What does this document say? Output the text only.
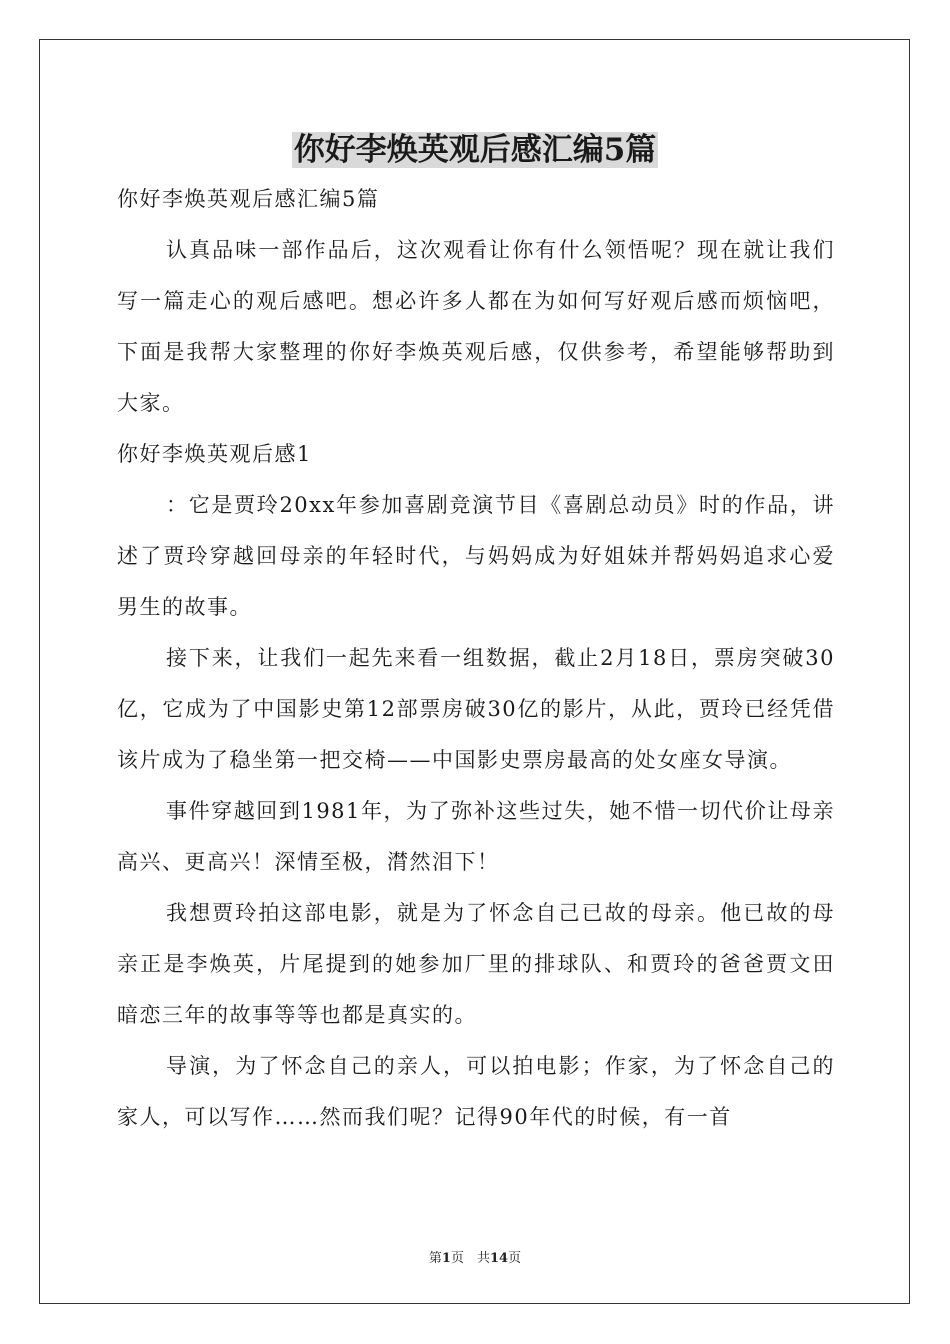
你好李焕英观后感汇编5篇

你好李焕英观后感汇编5篇

认真品味一部作品后，这次观看让你有什么领悟呢？现在就让我们写一篇走心的观后感吧。想必许多人都在为如何写好观后感而烦恼吧，下面是我帮大家整理的你好李焕英观后感，仅供参考，希望能够帮助到大家。

你好李焕英观后感1

：它是贾玲20xx年参加喜剧竞演节目《喜剧总动员》时的作品，讲述了贾玲穿越回母亲的年轻时代，与妈妈成为好姐妹并帮妈妈追求心爱男生的故事。

接下来，让我们一起先来看一组数据，截止2月18日，票房突破30亿，它成为了中国影史第12部票房破30亿的影片，从此，贾玲已经凭借该片成为了稳坐第一把交椅——中国影史票房最高的处女座女导演。

事件穿越回到1981年，为了弥补这些过失，她不惜一切代价让母亲高兴、更高兴！深情至极，潸然泪下！

我想贾玲拍这部电影，就是为了怀念自己已故的母亲。他已故的母亲正是李焕英，片尾提到的她参加厂里的排球队、和贾玲的爸爸贾文田暗恋三年的故事等等也都是真实的。

导演，为了怀念自己的亲人，可以拍电影；作家，为了怀念自己的家人，可以写作……然而我们呢？记得90年代的时候，有一首

第1页　共14页
